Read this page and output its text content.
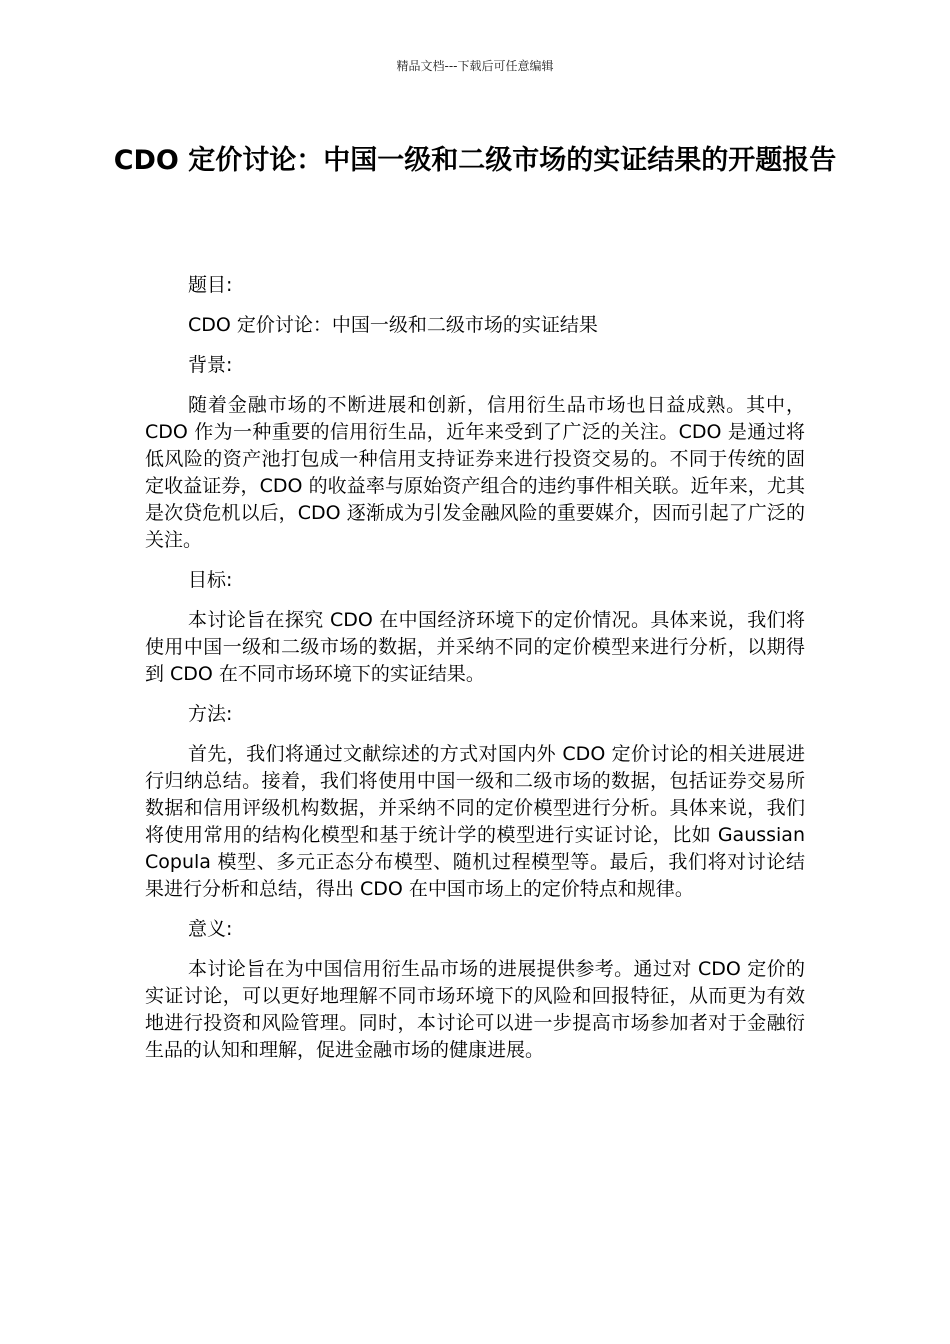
精品文档---下载后可任意编辑
CDO 定价讨论：中国一级和二级市场的实证结果的开题报告

题目:

CDO 定价讨论：中国一级和二级市场的实证结果

背景:

随着金融市场的不断进展和创新，信用衍生品市场也日益成熟。其中，CDO 作为一种重要的信用衍生品，近年来受到了广泛的关注。CDO 是通过将低风险的资产池打包成一种信用支持证券来进行投资交易的。不同于传统的固定收益证券，CDO 的收益率与原始资产组合的违约事件相关联。近年来，尤其是次贷危机以后，CDO 逐渐成为引发金融风险的重要媒介，因而引起了广泛的关注。

目标:

本讨论旨在探究 CDO 在中国经济环境下的定价情况。具体来说，我们将使用中国一级和二级市场的数据，并采纳不同的定价模型来进行分析，以期得到 CDO 在不同市场环境下的实证结果。

方法:

首先，我们将通过文献综述的方式对国内外 CDO 定价讨论的相关进展进行归纳总结。接着，我们将使用中国一级和二级市场的数据，包括证券交易所数据和信用评级机构数据，并采纳不同的定价模型进行分析。具体来说，我们将使用常用的结构化模型和基于统计学的模型进行实证讨论，比如 Gaussian Copula 模型、多元正态分布模型、随机过程模型等。最后，我们将对讨论结果进行分析和总结，得出 CDO 在中国市场上的定价特点和规律。

意义:

本讨论旨在为中国信用衍生品市场的进展提供参考。通过对 CDO 定价的实证讨论，可以更好地理解不同市场环境下的风险和回报特征，从而更为有效地进行投资和风险管理。同时，本讨论可以进一步提高市场参加者对于金融衍生品的认知和理解，促进金融市场的健康进展。
